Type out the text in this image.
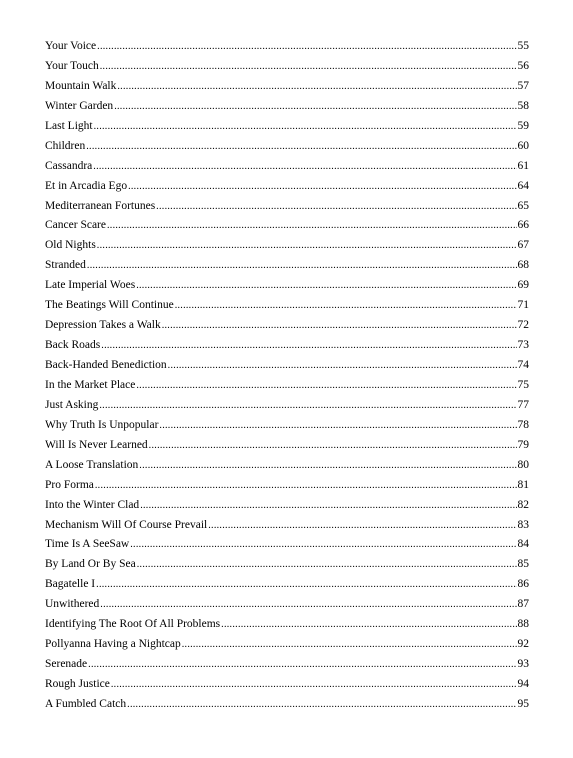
Your Voice .....	55
Your Touch .....	56
Mountain Walk .....	57
Winter Garden .....	58
Last Light .....	59
Children .....	60
Cassandra .....	61
Et in Arcadia Ego .....	64
Mediterranean Fortunes .....	65
Cancer Scare .....	66
Old Nights .....	67
Stranded .....	68
Late Imperial Woes .....	69
The Beatings Will Continue .....	71
Depression Takes a Walk .....	72
Back Roads .....	73
Back-Handed Benediction .....	74
In the Market Place .....	75
Just Asking .....	77
Why Truth Is Unpopular .....	78
Will Is Never Learned .....	79
A Loose Translation .....	80
Pro Forma .....	81
Into the Winter Clad .....	82
Mechanism Will Of Course Prevail .....	83
Time Is A SeeSaw .....	84
By Land Or By Sea .....	85
Bagatelle I .....	86
Unwithered .....	87
Identifying The Root Of All Problems .....	88
Pollyanna Having a Nightcap .....	92
Serenade .....	93
Rough Justice .....	94
A Fumbled Catch .....	95
